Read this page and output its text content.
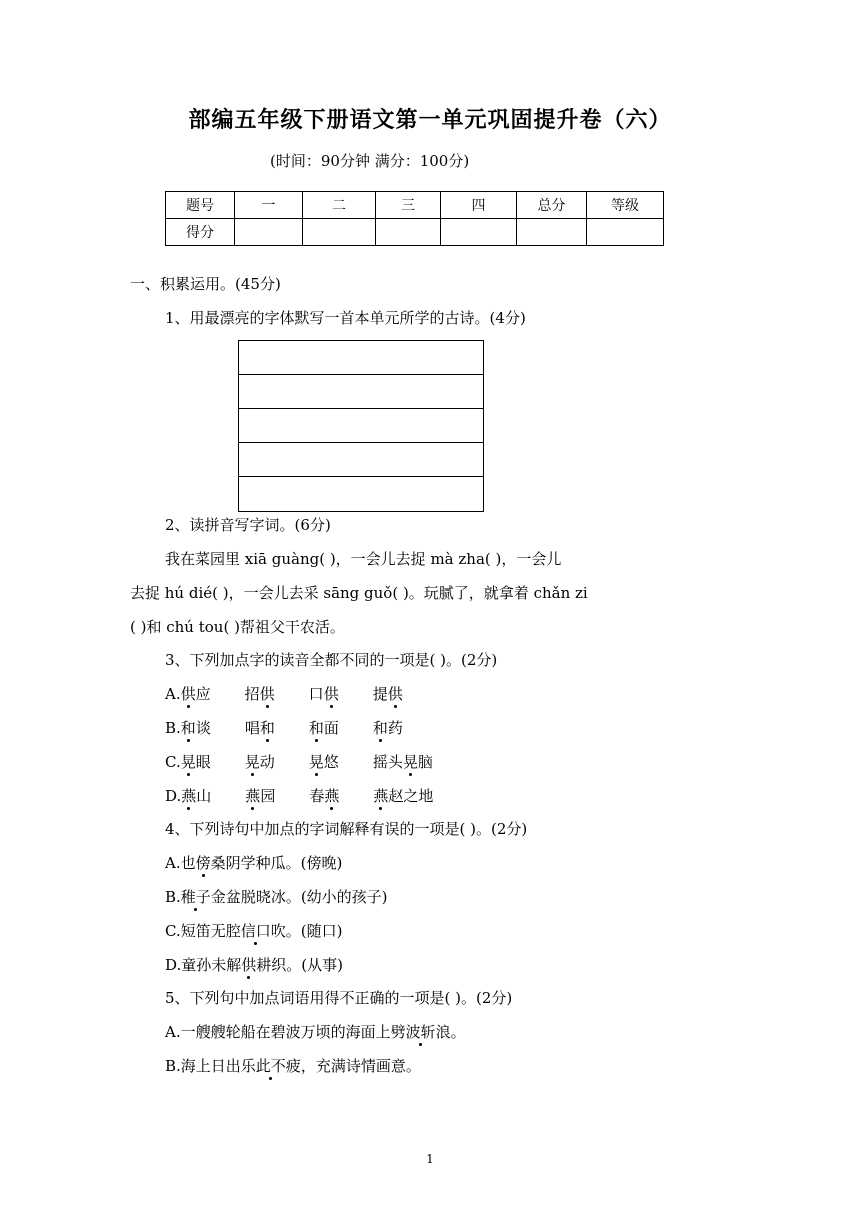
部编五年级下册语文第一单元巩固提升卷（六）
(时间：90分钟 满分：100分)
题号	一	二	三	四	总分	等级
得分						
一、积累运用。(45分)
1、用最漂亮的字体默写一首本单元所学的古诗。(4分)
2、读拼音写字词。(6分)
我在菜园里 xiā guàng( )，一会儿去捉 mà zha( )，一会儿
去捉 hú dié( )，一会儿去采 sāng guǒ( )。玩腻了，就拿着 chǎn zi
( )和 chú tou( )帮祖父干农活。
3、下列加点字的读音全都不同的一项是( )。(2分)
A.供应 招供 口供 提供
B.和谈 唱和 和面 和药
C.晃眼 晃动 晃悠 摇头晃脑
D.燕山 燕园 春燕 燕赵之地
4、下列诗句中加点的字词解释有误的一项是( )。(2分)
A.也傍桑阴学种瓜。(傍晚)
B.稚子金盆脱晓冰。(幼小的孩子)
C.短笛无腔信口吹。(随口)
D.童孙未解供耕织。(从事)
5、下列句中加点词语用得不正确的一项是( )。(2分)
A.一艘艘轮船在碧波万顷的海面上劈波斩浪。
B.海上日出乐此不疲，充满诗情画意。
1
